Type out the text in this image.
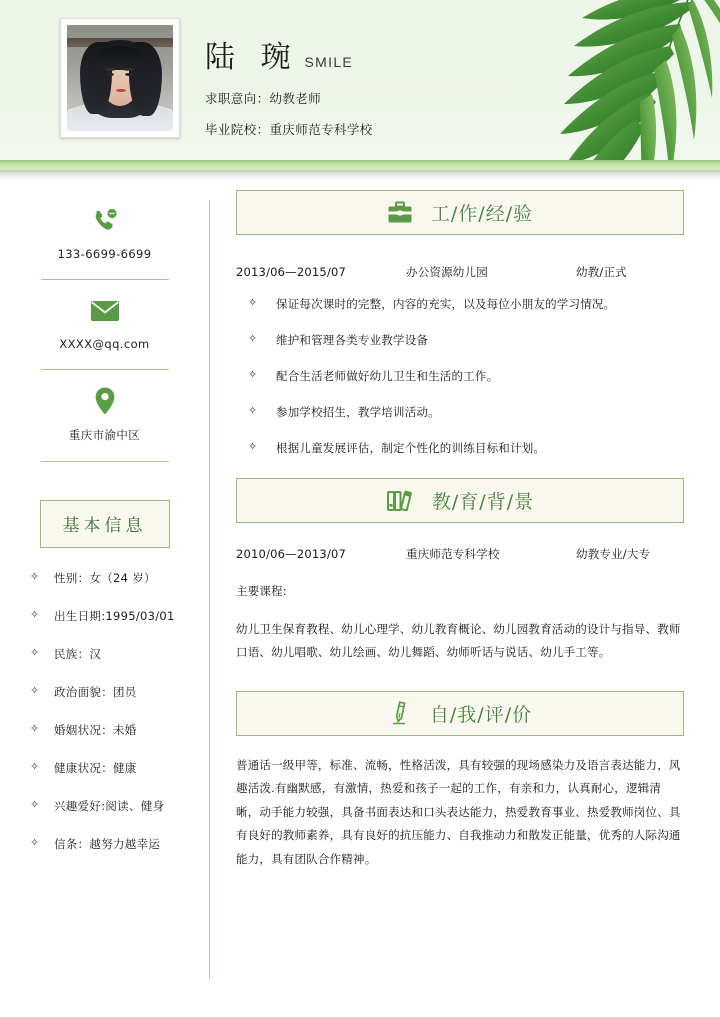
陆 琬 SMILE
求职意向：幼教老师
毕业院校：重庆师范专科学校
133-6699-6699
XXXX@qq.com
重庆市渝中区
基本信息
✧ 性别：女（24 岁）
✧ 出生日期:1995/03/01
✧ 民族：汉
✧ 政治面貌：团员
✧ 婚姻状况：未婚
✧ 健康状况：健康
✧ 兴趣爱好:阅读、健身
✧ 信条：越努力越幸运
工/作/经/验
2013/06—2015/07	办公资源幼儿园	幼教/正式
✧ 保证每次课时的完整，内容的充实，以及每位小朋友的学习情况。
✧ 维护和管理各类专业教学设备
✧ 配合生活老师做好幼儿卫生和生活的工作。
✧ 参加学校招生，教学培训活动。
✧ 根据儿童发展评估，制定个性化的训练目标和计划。
教/育/背/景
2010/06—2013/07	重庆师范专科学校	幼教专业/大专
主要课程:
幼儿卫生保育教程、幼儿心理学、幼儿教育概论、幼儿园教育活动的设计与指导、教师口语、幼儿唱歌、幼儿绘画、幼儿舞蹈、幼师听话与说话、幼儿手工等。
自/我/评/价
普通话一级甲等，标准、流畅，性格活泼，具有较强的现场感染力及语言表达能力，风趣活泼.有幽默感，有激情，热爱和孩子一起的工作，有亲和力，认真耐心，逻辑清晰，动手能力较强，具备书面表达和口头表达能力，热爱教育事业、热爱教师岗位、具有良好的教师素养，具有良好的抗压能力、自我推动力和散发正能量，优秀的人际沟通能力，具有团队合作精神。
